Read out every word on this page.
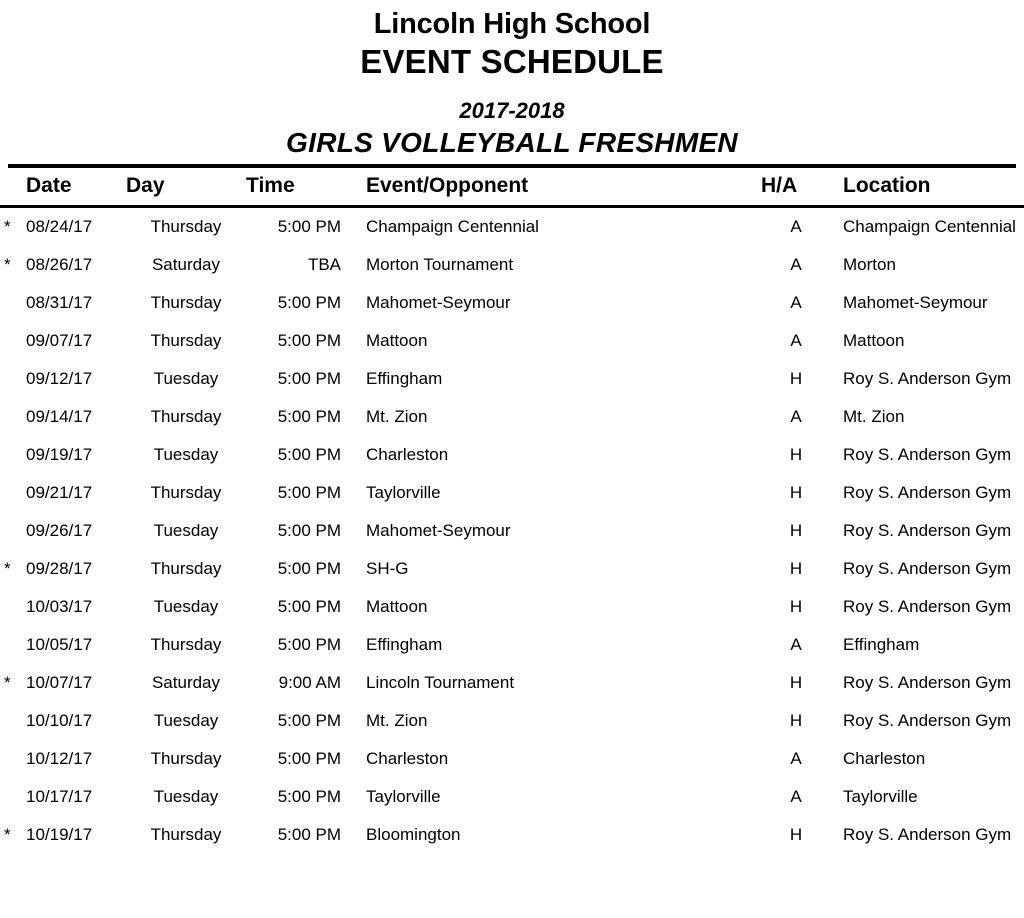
Lincoln High School
EVENT SCHEDULE
2017-2018
GIRLS VOLLEYBALL FRESHMEN
	Date	Day	Time	Event/Opponent	H/A	Location
*	08/24/17	Thursday	5:00 PM	Champaign Centennial	A	Champaign Centennial
*	08/26/17	Saturday	TBA	Morton Tournament	A	Morton
	08/31/17	Thursday	5:00 PM	Mahomet-Seymour	A	Mahomet-Seymour
	09/07/17	Thursday	5:00 PM	Mattoon	A	Mattoon
	09/12/17	Tuesday	5:00 PM	Effingham	H	Roy S. Anderson Gym
	09/14/17	Thursday	5:00 PM	Mt. Zion	A	Mt. Zion
	09/19/17	Tuesday	5:00 PM	Charleston	H	Roy S. Anderson Gym
	09/21/17	Thursday	5:00 PM	Taylorville	H	Roy S. Anderson Gym
	09/26/17	Tuesday	5:00 PM	Mahomet-Seymour	H	Roy S. Anderson Gym
*	09/28/17	Thursday	5:00 PM	SH-G	H	Roy S. Anderson Gym
	10/03/17	Tuesday	5:00 PM	Mattoon	H	Roy S. Anderson Gym
	10/05/17	Thursday	5:00 PM	Effingham	A	Effingham
*	10/07/17	Saturday	9:00 AM	Lincoln Tournament	H	Roy S. Anderson Gym
	10/10/17	Tuesday	5:00 PM	Mt. Zion	H	Roy S. Anderson Gym
	10/12/17	Thursday	5:00 PM	Charleston	A	Charleston
	10/17/17	Tuesday	5:00 PM	Taylorville	A	Taylorville
*	10/19/17	Thursday	5:00 PM	Bloomington	H	Roy S. Anderson Gym
